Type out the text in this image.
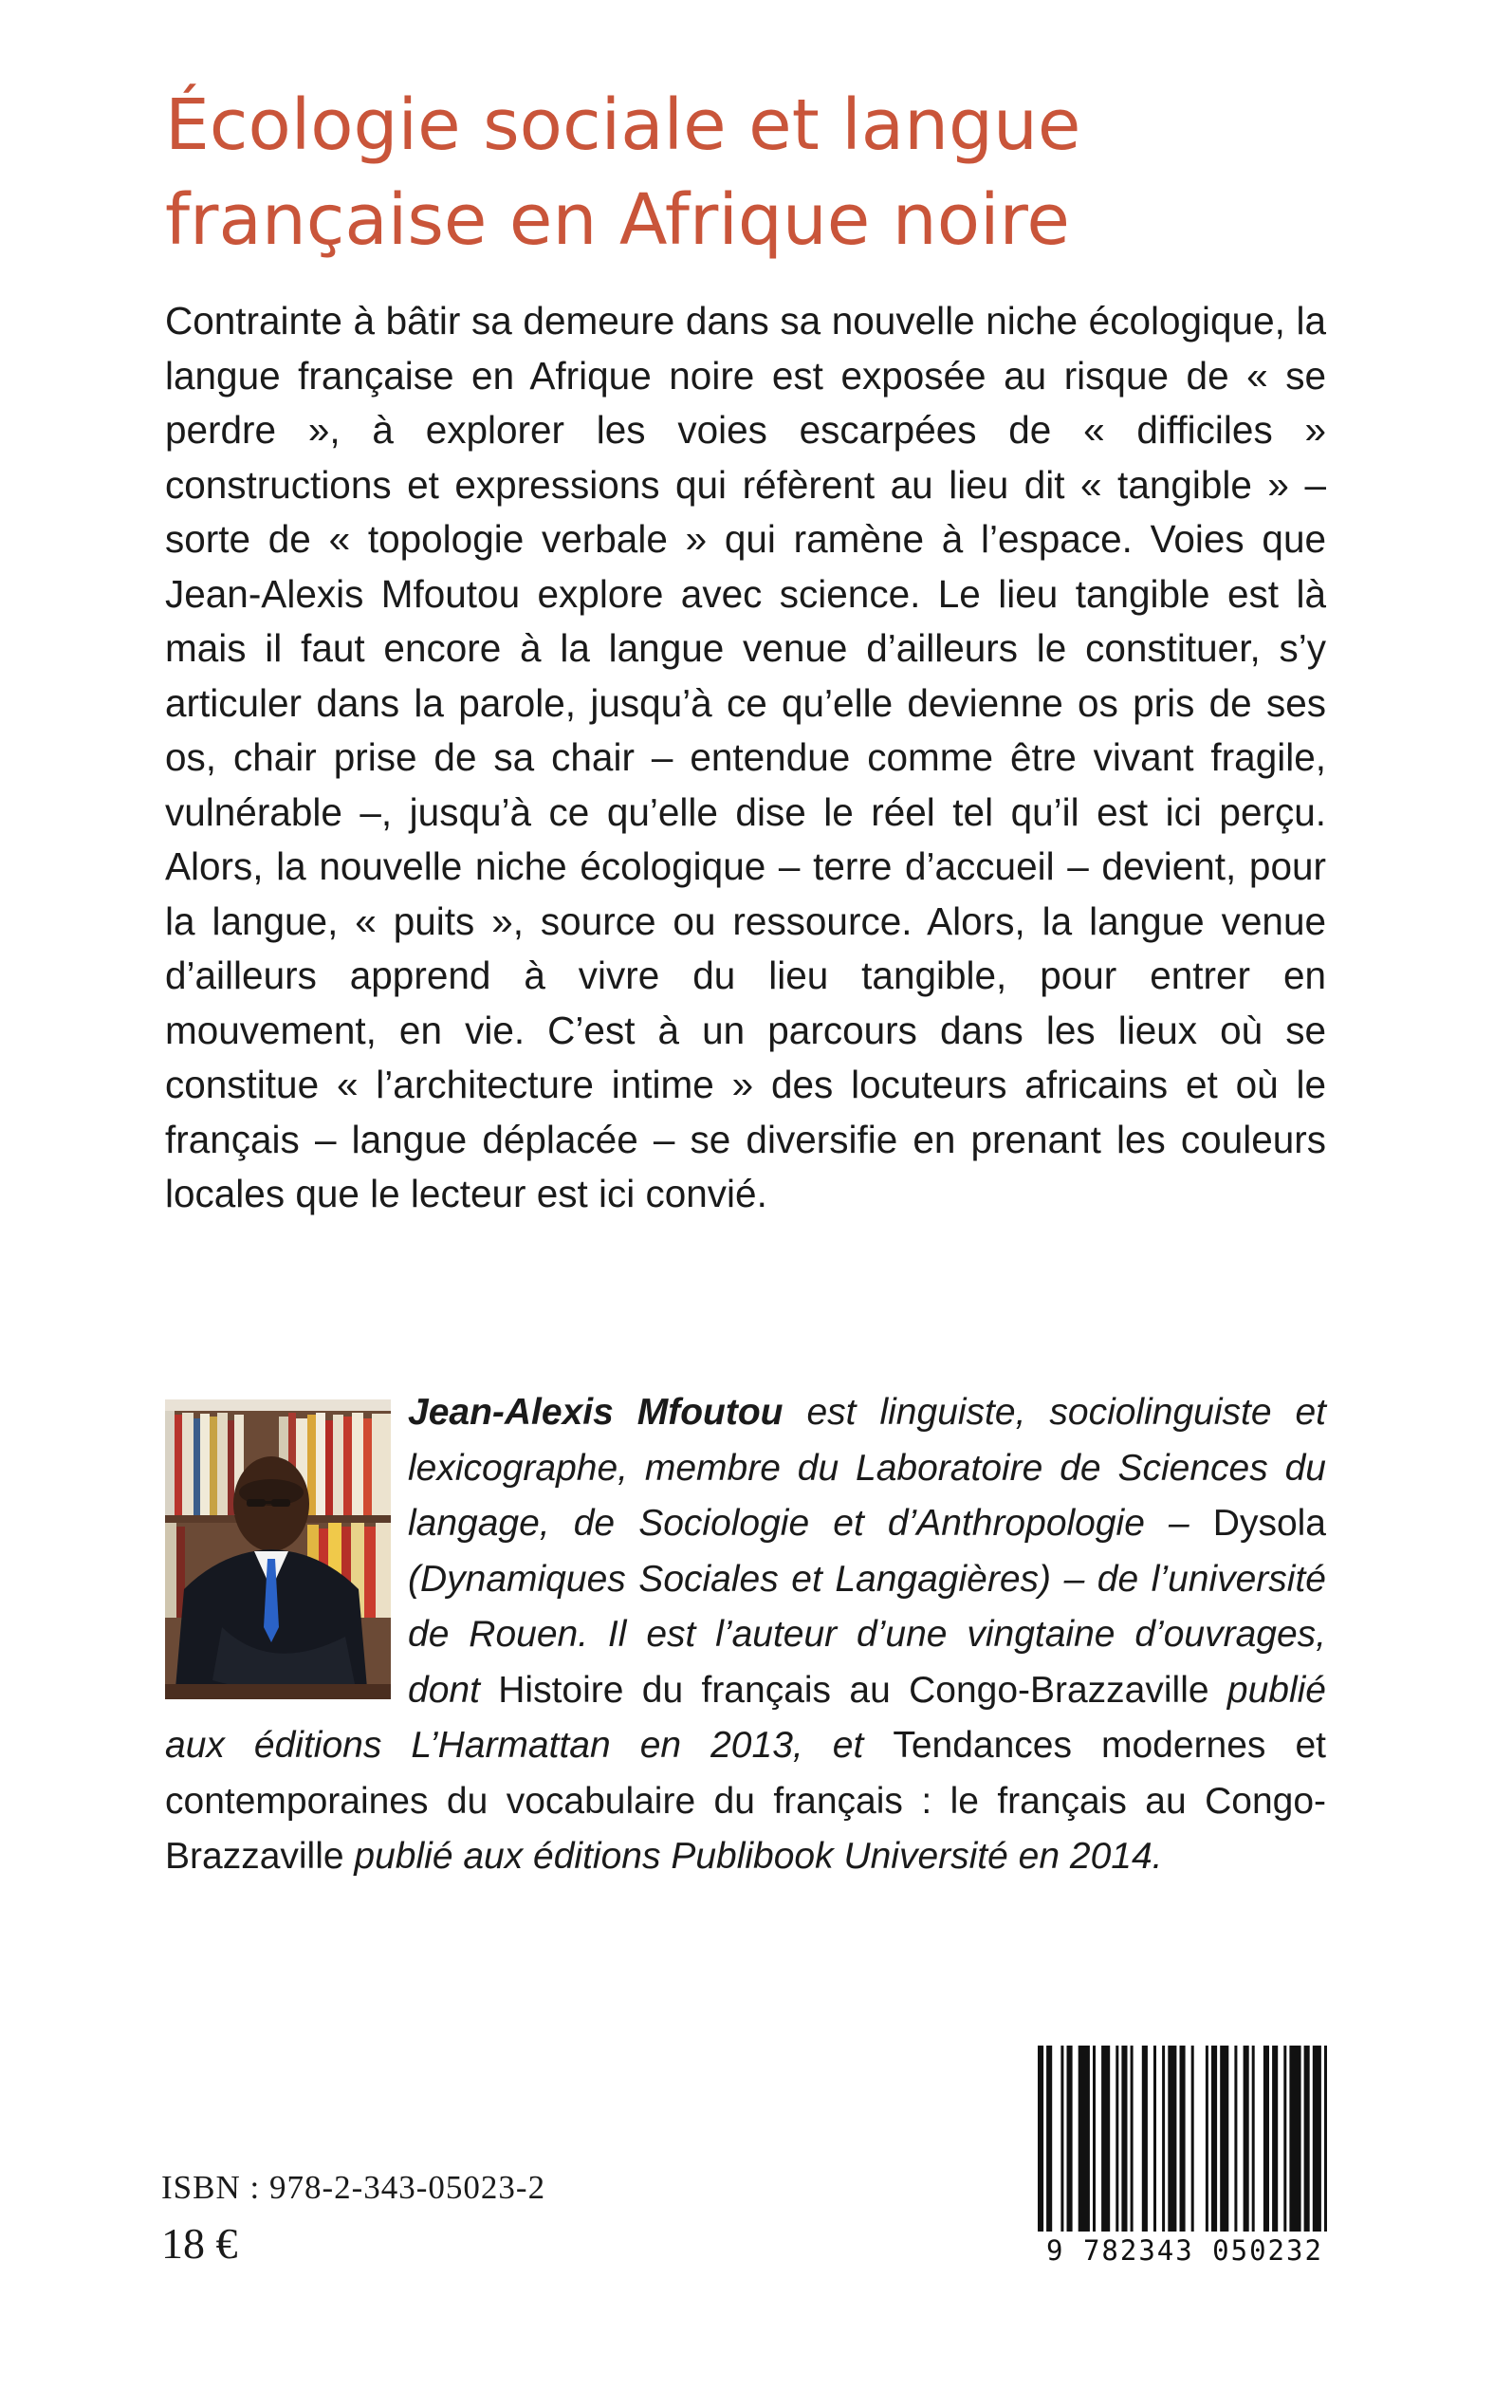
Écologie sociale et langue
française en Afrique noire

Contrainte à bâtir sa demeure dans sa nouvelle niche écologique, la langue française en Afrique noire est exposée au risque de « se perdre », à explorer les voies escarpées de « difficiles » constructions et expressions qui réfèrent au lieu dit « tangible » – sorte de « topologie verbale » qui ramène à l’espace. Voies que Jean-Alexis Mfoutou explore avec science. Le lieu tangible est là mais il faut encore à la langue venue d’ailleurs le constituer, s’y articuler dans la parole, jusqu’à ce qu’elle devienne os pris de ses os, chair prise de sa chair – entendue comme être vivant fragile, vulnérable –, jusqu’à ce qu’elle dise le réel tel qu’il est ici perçu. Alors, la nouvelle niche écologique – terre d’accueil – devient, pour la langue, « puits », source ou ressource. Alors, la langue venue d’ailleurs apprend à vivre du lieu tangible, pour entrer en mouvement, en vie. C’est à un parcours dans les lieux où se constitue « l’architecture intime » des locuteurs africains et où le français – langue déplacée – se diversifie en prenant les couleurs locales que le lecteur est ici convié.

Jean-Alexis Mfoutou est linguiste, sociolinguiste et lexicographe, membre du Laboratoire de Sciences du langage, de Sociologie et d’Anthropologie – Dysola (Dynamiques Sociales et Langagières) – de l’université de Rouen. Il est l’auteur d’une vingtaine d’ouvrages, dont Histoire du français au Congo-Brazzaville publié aux éditions L’Harmattan en 2013, et Tendances modernes et contemporaines du vocabulaire du français : le français au Congo-Brazzaville publié aux éditions Publibook Université en 2014.
ISBN : 978-2-343-05023-2
18 €	9 782343 050232
